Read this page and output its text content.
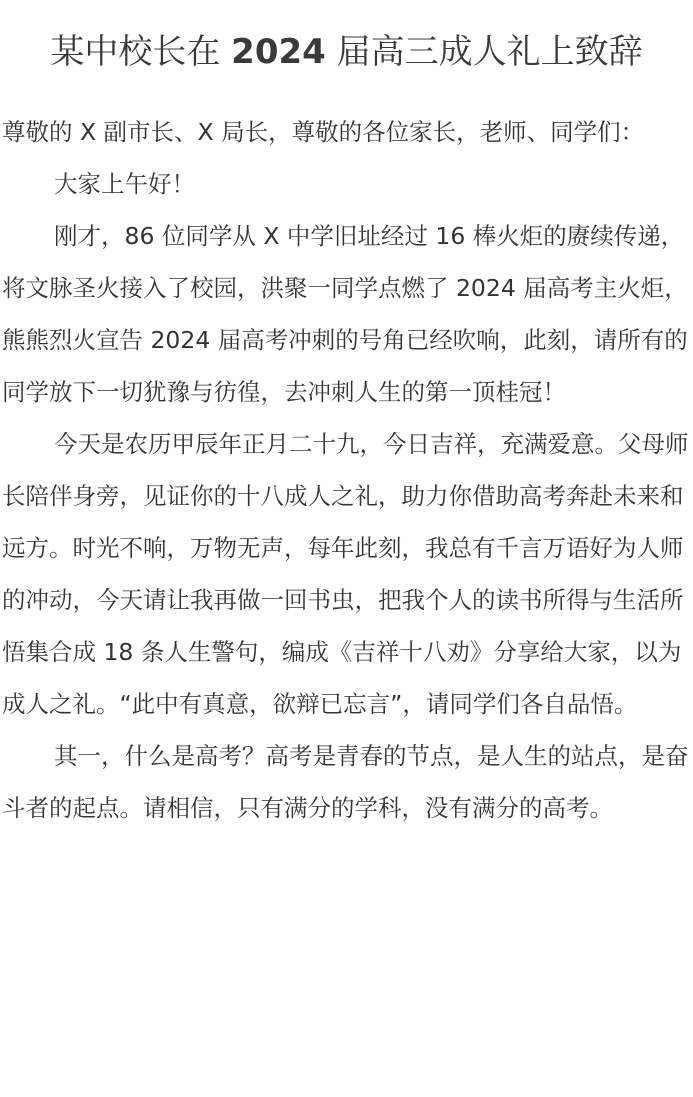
某中校长在 2024 届高三成人礼上致辞

尊敬的 X 副市长、X 局长，尊敬的各位家长，老师、同学们：

大家上午好！

刚才，86 位同学从 X 中学旧址经过 16 棒火炬的赓续传递，将文脉圣火接入了校园，洪聚一同学点燃了 2024 届高考主火炬，熊熊烈火宣告 2024 届高考冲刺的号角已经吹响，此刻，请所有的同学放下一切犹豫与彷徨，去冲刺人生的第一顶桂冠！

今天是农历甲辰年正月二十九，今日吉祥，充满爱意。父母师长陪伴身旁，见证你的十八成人之礼，助力你借助高考奔赴未来和远方。时光不响，万物无声，每年此刻，我总有千言万语好为人师的冲动，今天请让我再做一回书虫，把我个人的读书所得与生活所悟集合成 18 条人生警句，编成《吉祥十八劝》分享给大家，以为成人之礼。“此中有真意，欲辩已忘言”，请同学们各自品悟。

其一，什么是高考？高考是青春的节点，是人生的站点，是奋斗者的起点。请相信，只有满分的学科，没有满分的高考。
